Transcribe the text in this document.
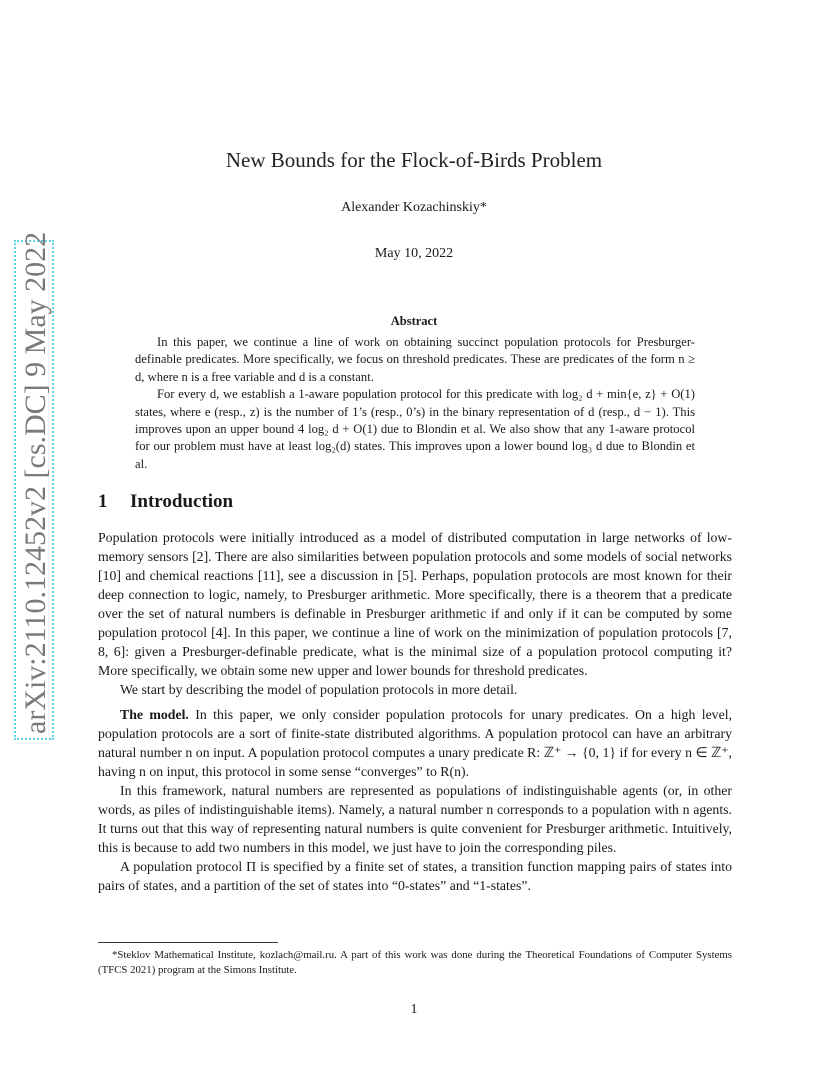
arXiv:2110.12452v2 [cs.DC] 9 May 2022
New Bounds for the Flock-of-Birds Problem
Alexander Kozachinskiy*
May 10, 2022
Abstract

In this paper, we continue a line of work on obtaining succinct population protocols for Presburger-definable predicates. More specifically, we focus on threshold predicates. These are predicates of the form n ≥ d, where n is a free variable and d is a constant.

For every d, we establish a 1-aware population protocol for this predicate with log₂ d + min{e, z} + O(1) states, where e (resp., z) is the number of 1’s (resp., 0’s) in the binary representation of d (resp., d − 1). This improves upon an upper bound 4 log₂ d + O(1) due to Blondin et al. We also show that any 1-aware protocol for our problem must have at least log₂(d) states. This improves upon a lower bound log₃ d due to Blondin et al.

1 Introduction

Population protocols were initially introduced as a model of distributed computation in large networks of low-memory sensors [2]. There are also similarities between population protocols and some models of social networks [10] and chemical reactions [11], see a discussion in [5]. Perhaps, population protocols are most known for their deep connection to logic, namely, to Presburger arithmetic. More specifically, there is a theorem that a predicate over the set of natural numbers is definable in Presburger arithmetic if and only if it can be computed by some population protocol [4]. In this paper, we continue a line of work on the minimization of population protocols [7, 8, 6]: given a Presburger-definable predicate, what is the minimal size of a population protocol computing it? More specifically, we obtain some new upper and lower bounds for threshold predicates.

We start by describing the model of population protocols in more detail.

The model. In this paper, we only consider population protocols for unary predicates. On a high level, population protocols are a sort of finite-state distributed algorithms. A population protocol can have an arbitrary natural number n on input. A population protocol computes a unary predicate R: ℤ⁺ → {0, 1} if for every n ∈ ℤ⁺, having n on input, this protocol in some sense “converges” to R(n).

In this framework, natural numbers are represented as populations of indistinguishable agents (or, in other words, as piles of indistinguishable items). Namely, a natural number n corresponds to a population with n agents. It turns out that this way of representing natural numbers is quite convenient for Presburger arithmetic. Intuitively, this is because to add two numbers in this model, we just have to join the corresponding piles.

A population protocol Π is specified by a finite set of states, a transition function mapping pairs of states into pairs of states, and a partition of the set of states into “0-states” and “1-states”.

*Steklov Mathematical Institute, kozlach@mail.ru. A part of this work was done during the Theoretical Foundations of Computer Systems (TFCS 2021) program at the Simons Institute.
1
